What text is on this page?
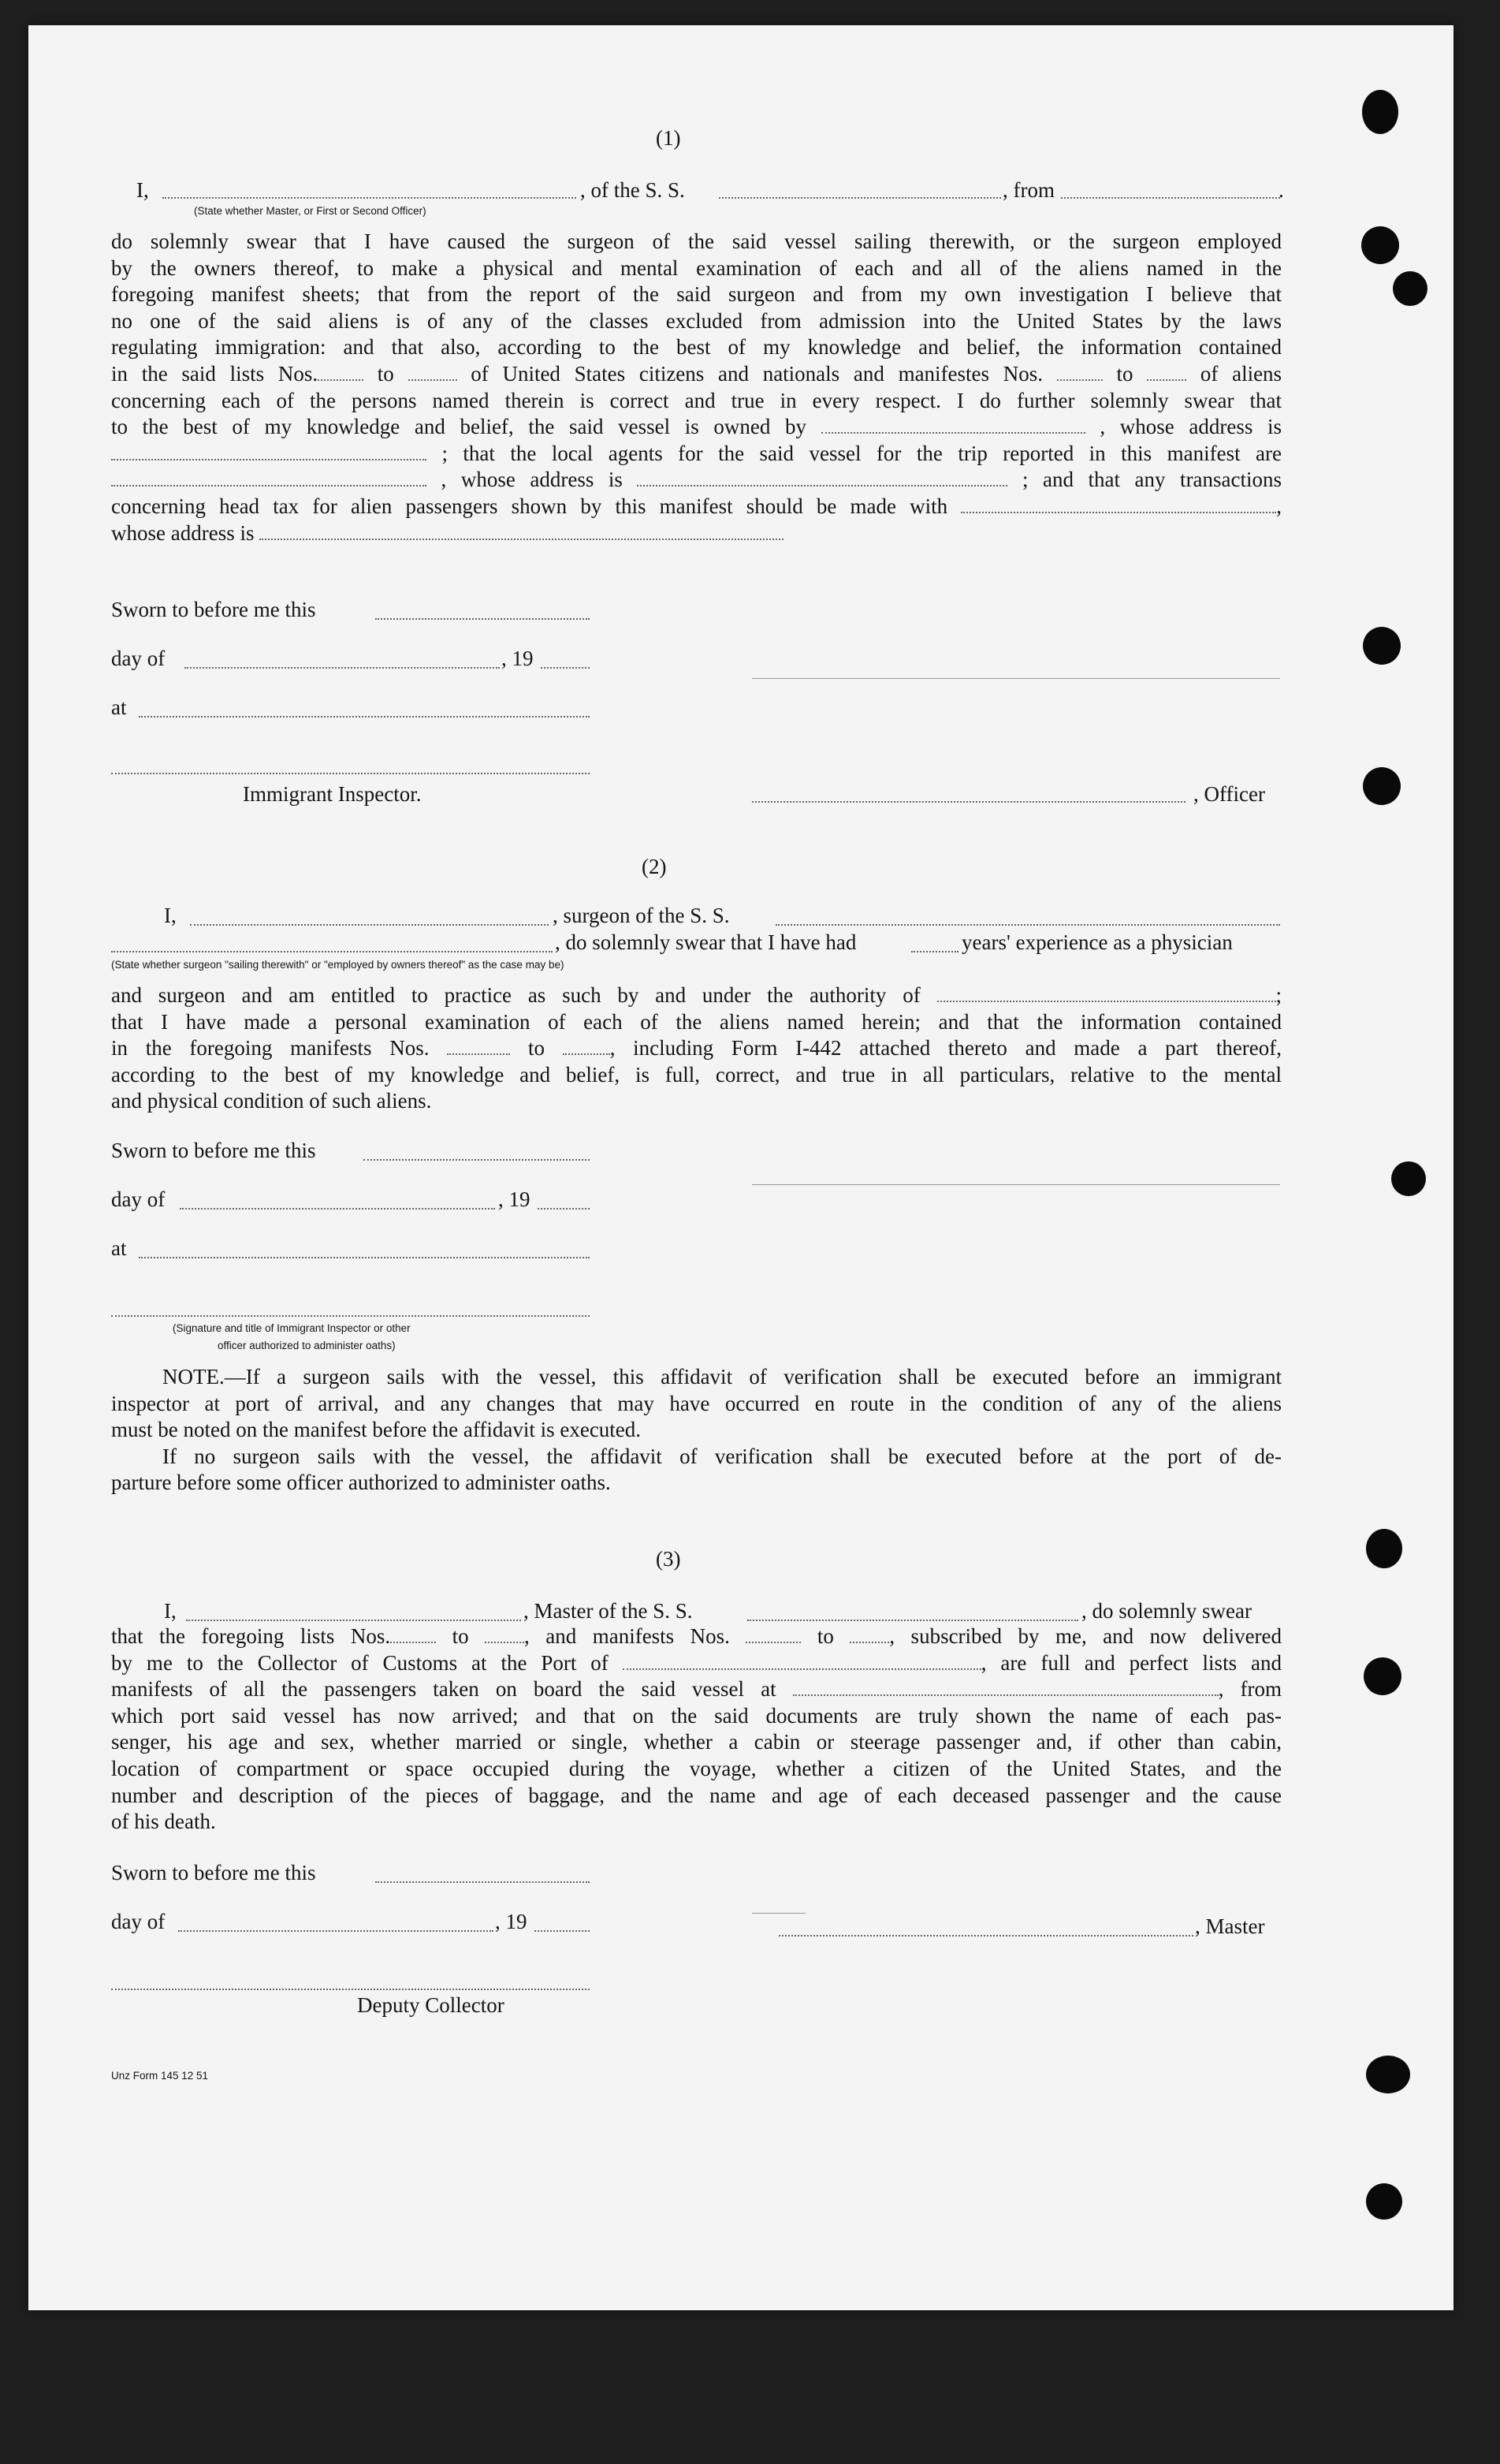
(1)
I,	, of the S. S.	, from	.
(State whether Master, or First or Second Officer)
do solemnly swear that I have caused the surgeon of the said vessel sailing therewith, or the surgeon employed
by the owners thereof, to make a physical and mental examination of each and all of the aliens named in the
foregoing manifest sheets; that from the report of the said surgeon and from my own investigation I believe that
no one of the said aliens is of any of the classes excluded from admission into the United States by the laws
regulating immigration: and that also, according to the best of my knowledge and belief, the information contained
in the said lists Nos.	to	of United States citizens and nationals and manifestes Nos.	to	of aliens
concerning each of the persons named therein is correct and true in every respect. I do further solemnly swear that
to the best of my knowledge and belief, the said vessel is owned by	, whose address is
; that the local agents for the said vessel for the trip reported in this manifest are
, whose address is	; and that any transactions
concerning head tax for alien passengers shown by this manifest should be made with	,
whose address is
Sworn to before me this
day of	, 19
at
Immigrant Inspector.	, Officer
(2)
I,	, surgeon of the S. S.
, do solemnly swear that I have had	years' experience as a physician
(State whether surgeon "sailing therewith" or "employed by owners thereof" as the case may be)
and surgeon and am entitled to practice as such by and under the authority of	;
that I have made a personal examination of each of the aliens named herein; and that the information contained
in the foregoing manifests Nos.	to	, including Form I-442 attached thereto and made a part thereof,
according to the best of my knowledge and belief, is full, correct, and true in all particulars, relative to the mental
and physical condition of such aliens.
Sworn to before me this
day of	, 19
at
(Signature and title of Immigrant Inspector or other
officer authorized to administer oaths)
NOTE.—If a surgeon sails with the vessel, this affidavit of verification shall be executed before an immigrant
inspector at port of arrival, and any changes that may have occurred en route in the condition of any of the aliens
must be noted on the manifest before the affidavit is executed.
If no surgeon sails with the vessel, the affidavit of verification shall be executed before at the port of de-
parture before some officer authorized to administer oaths.
(3)
I,	, Master of the S. S.	, do solemnly swear
that the foregoing lists Nos.	to	, and manifests Nos.	to	, subscribed by me, and now delivered
by me to the Collector of Customs at the Port of	, are full and perfect lists and
manifests of all the passengers taken on board the said vessel at	, from
which port said vessel has now arrived; and that on the said documents are truly shown the name of each pas-
senger, his age and sex, whether married or single, whether a cabin or steerage passenger and, if other than cabin,
location of compartment or space occupied during the voyage, whether a citizen of the United States, and the
number and description of the pieces of baggage, and the name and age of each deceased passenger and the cause
of his death.
Sworn to before me this
day of	, 19	, Master
Deputy Collector
Unz Form 145 12 51
